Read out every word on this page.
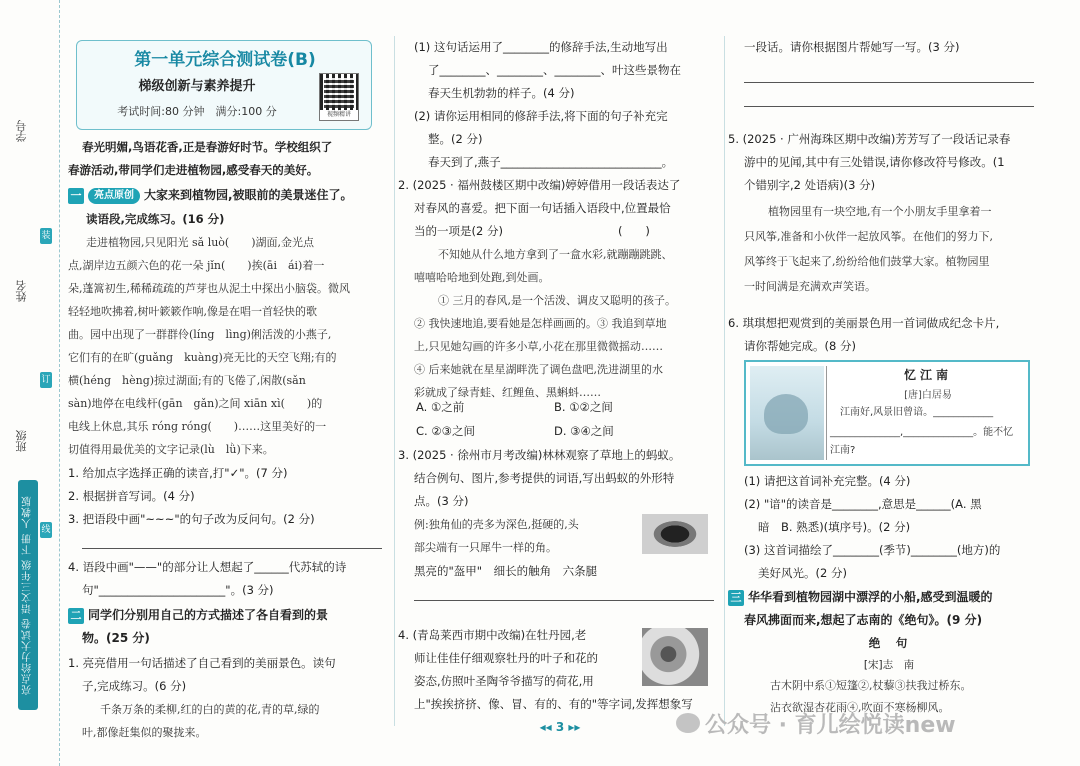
学号
装
姓名
订
班级
线
亮点给力大试卷 语文三年级 下册 人教版
第一单元综合测试卷(B)
梯级创新与素养提升
考试时间:80 分钟　满分:100 分	视频精讲
春光明媚,鸟语花香,正是春游好时节。学校组织了
春游活动,带同学们走进植物园,感受春天的美好。
一 亮点原创 大家来到植物园,被眼前的美景迷住了。
读语段,完成练习。(16 分)
走进植物园,只见阳光 sǎ luò(　　)湖面,金光点
点,湖岸边五颜六色的花一朵 jǐn(　　)挨(āi　ái)着一
朵,蓬篙初生,稀稀疏疏的芦芽也从泥土中探出小脑袋。微风
轻轻地吹拂着,树叶簌簌作响,像是在唱一首轻快的歌
曲。园中出现了一群群伶(líng　lìng)俐活泼的小燕子,
它们有的在旷(guǎng　kuàng)亮无比的天空飞翔;有的
横(héng　hèng)掠过湖面;有的飞倦了,闲散(sǎn
sàn)地停在电线杆(gān　gǎn)之间 xiān xì(　　)的
电线上休息,其乐 róng róng(　　)……这里美好的一
切值得用最优美的文字记录(lù　lǜ)下来。
1. 给加点字选择正确的读音,打"✓"。(7 分)
2. 根据拼音写词。(4 分)
3. 把语段中画"~~~"的句子改为反问句。(2 分)
4. 语段中画"——"的部分让人想起了______代苏轼的诗
句"______________________"。(3 分)
二 同学们分别用自己的方式描述了各自看到的景
物。(25 分)
1. 亮亮借用一句话描述了自己看到的美丽景色。读句
子,完成练习。(6 分)
千条万条的柔柳,红的白的黄的花,青的草,绿的
叶,都像赶集似的聚拢来。
(1) 这句话运用了________的修辞手法,生动地写出
了________、________、________、叶这些景物在
春天生机勃勃的样子。(4 分)
(2) 请你运用相同的修辞手法,将下面的句子补充完
整。(2 分)
春天到了,燕子____________________________。
2. (2025 · 福州鼓楼区期中改编)婷婷借用一段话表达了
对春风的喜爱。把下面一句话插入语段中,位置最恰
当的一项是(2 分)　　　　　　　　　　(　　)
不知她从什么地方拿到了一盒水彩,就蹦蹦跳跳、
嘻嘻哈哈地到处跑,到处画。
① 三月的春风,是一个活泼、调皮又聪明的孩子。
② 我快速地追,要看她是怎样画画的。③ 我追到草地
上,只见她勾画的许多小草,小花在那里微微摇动……
④ 后来她就在星星湖畔洗了调色盘吧,洗进湖里的水
彩就成了绿青蛙、红鲤鱼、黑蝌蚪……
A. ①之前	B. ①②之间
C. ②③之间	D. ③④之间
3. (2025 · 徐州市月考改编)林林观察了草地上的蚂蚁。
结合例句、图片,参考提供的词语,写出蚂蚁的外形特
点。(3 分)
例:独角仙的壳多为深色,挺硬的,头
部尖端有一只犀牛一样的角。
黑亮的"盔甲"　细长的触角　六条腿
4. (青岛莱西市期中改编)在牡丹园,老
师让佳佳仔细观察牡丹的叶子和花的
姿态,仿照叶圣陶爷爷描写的荷花,用
上"挨挨挤挤、像、冒、有的、有的"等字词,发挥想象写
一段话。请你根据图片帮她写一写。(3 分)
5. (2025 · 广州海珠区期中改编)芳芳写了一段话记录春
游中的见闻,其中有三处错误,请你修改符号修改。(1
个错别字,2 处语病)(3 分)
植物园里有一块空地,有一个小朋友手里拿着一
只风筝,准备和小伙伴一起放风筝。在他们的努力下,
风筝终于飞起来了,纷纷给他们鼓掌大家。植物园里
一时间满是充满欢声笑语。
6. 琪琪想把观赏到的美丽景色用一首词做成纪念卡片,
请你帮她完成。(8 分)
忆江南
[唐]白居易
江南好,风景旧曾谙。____________
______________,______________。能不忆
江南?
(1) 请把这首词补充完整。(4 分)
(2) "谙"的读音是________,意思是______(A. 黑
暗　B. 熟悉)(填序号)。(2 分)
(3) 这首词描绘了________(季节)________(地方)的
美好风光。(2 分)
三 华华看到植物园湖中漂浮的小船,感受到温暖的
春风拂面而来,想起了志南的《绝句》。(9 分)
绝　句
[宋]志　南
古木阴中系①短篷②,杖藜③扶我过桥东。
沾衣欲湿杏花雨④,吹面不寒杨柳风。
◂◂ 3 ▸▸	公众号 · 育儿绘悦读new
